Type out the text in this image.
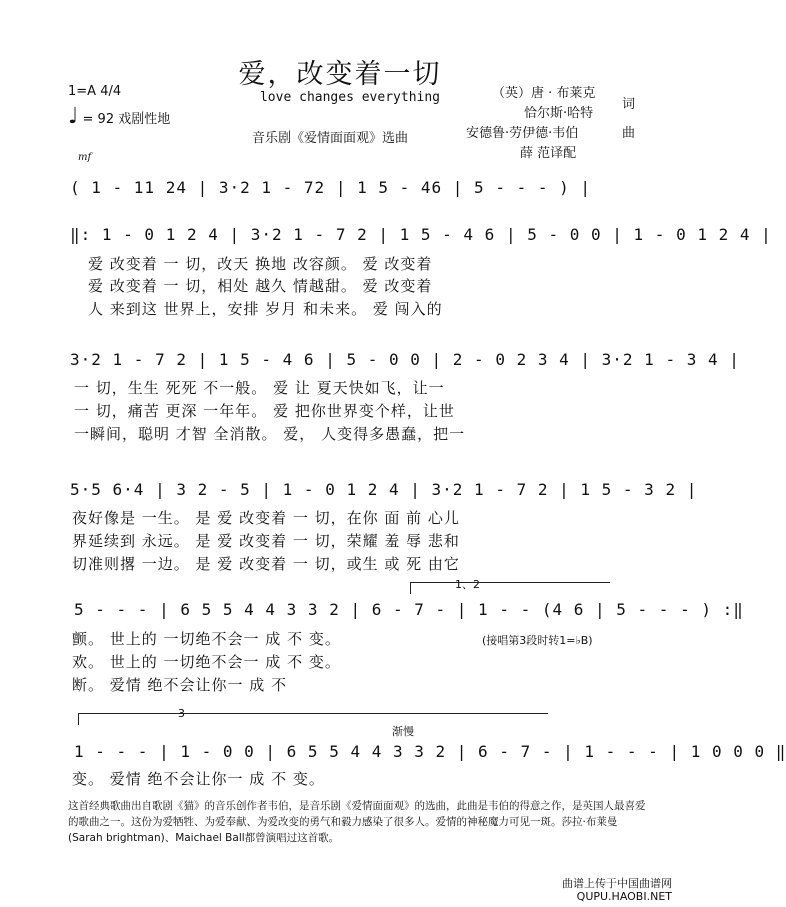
爱，改变着一切
love changes everything
1=A 4/4
♩ = 92 戏剧性地
音乐剧《爱情面面观》选曲
（英）唐 · 布莱克
恰尔斯·哈特
词
安德鲁·劳伊德·韦伯	曲
薛 范译配
mf
( 1 - 11 24 | 3·2 1 - 72 | 1 5 - 46 | 5 - - - ) |
‖: 1 - 0 1 2 4 | 3·2 1 - 7 2 | 1 5 - 4 6 | 5 - 0 0 | 1 - 0 1 2 4 |
爱 改变着 一 切，改天 换地 改容颜。 爱 改变着
爱 改变着 一 切，相处 越久 情越甜。 爱 改变着
人 来到这 世界上，安排 岁月 和未来。 爱 闯入的
3·2 1 - 7 2 | 1 5 - 4 6 | 5 - 0 0 | 2 - 0 2 3 4 | 3·2 1 - 3 4 |
一 切，生生 死死 不一般。 爱 让 夏天快如飞，让一
一 切，痛苦 更深 一年年。 爱 把你世界变个样，让世
一瞬间，聪明 才智 全消散。 爱， 人变得多愚蠢，把一
5·5 6·4 | 3 2 - 5 | 1 - 0 1 2 4 | 3·2 1 - 7 2 | 1 5 - 3 2 |
夜好像是 一生。 是 爱 改变着 一 切，在你 面 前 心儿
界延续到 永远。 是 爱 改变着 一 切，荣耀 羞 辱 悲和
切准则撂 一边。 是 爱 改变着 一 切，或生 或 死 由它
1、2
5 - - - | 6 5 5 4 4 3 3 2 | 6 - 7 - | 1 - - (4 6 | 5 - - - ) :‖
颤。 世上的 一切绝不会一 成 不 变。
欢。 世上的 一切绝不会一 成 不 变。
断。 爱情 绝不会让你一 成 不
(接唱第3段时转1=♭B)
3
渐慢
1 - - - | 1 - 0 0 | 6 5 5 4 4 3 3 2 | 6 - 7 - | 1 - - - | 1 0 0 0 ‖
变。 爱情 绝不会让你一 成 不 变。
这首经典歌曲出自歌剧《猫》的音乐创作者韦伯，是音乐剧《爱情面面观》的选曲，此曲是韦伯的得意之作，是英国人最喜爱的歌曲之一。这份为爱牺牲、为爱奉献、为爱改变的勇气和毅力感染了很多人。爱情的神秘魔力可见一斑。莎拉·布莱曼(Sarah brightman)、Maichael Ball都曾演唱过这首歌。
曲谱上传于中国曲谱网
QUPU.HAOBI.NET
